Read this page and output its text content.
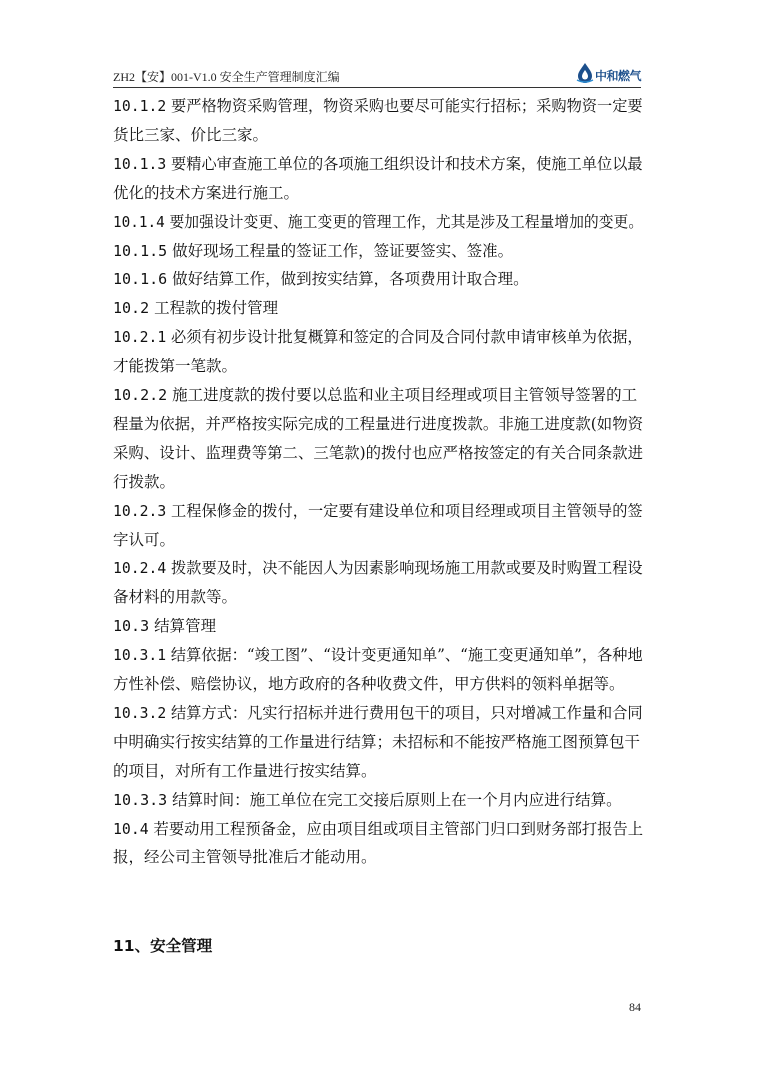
ZH2【安】001-V1.0 安全生产管理制度汇编	中和燃气
10.1.2 要严格物资采购管理，物资采购也要尽可能实行招标；采购物资一定要
货比三家、价比三家。
10.1.3 要精心审查施工单位的各项施工组织设计和技术方案，使施工单位以最
优化的技术方案进行施工。
10.1.4 要加强设计变更、施工变更的管理工作，尤其是涉及工程量增加的变更。
10.1.5 做好现场工程量的签证工作，签证要签实、签准。
10.1.6 做好结算工作，做到按实结算，各项费用计取合理。
10.2 工程款的拨付管理
10.2.1 必须有初步设计批复概算和签定的合同及合同付款申请审核单为依据，
才能拨第一笔款。
10.2.2 施工进度款的拨付要以总监和业主项目经理或项目主管领导签署的工
程量为依据，并严格按实际完成的工程量进行进度拨款。非施工进度款(如物资
采购、设计、监理费等第二、三笔款)的拨付也应严格按签定的有关合同条款进
行拨款。
10.2.3 工程保修金的拨付，一定要有建设单位和项目经理或项目主管领导的签
字认可。
10.2.4 拨款要及时，决不能因人为因素影响现场施工用款或要及时购置工程设
备材料的用款等。
10.3 结算管理
10.3.1 结算依据：“竣工图”、“设计变更通知单”、“施工变更通知单”，各种地
方性补偿、赔偿协议，地方政府的各种收费文件，甲方供料的领料单据等。
10.3.2 结算方式：凡实行招标并进行费用包干的项目，只对增减工作量和合同
中明确实行按实结算的工作量进行结算；未招标和不能按严格施工图预算包干
的项目，对所有工作量进行按实结算。
10.3.3 结算时间：施工单位在完工交接后原则上在一个月内应进行结算。
10.4 若要动用工程预备金，应由项目组或项目主管部门归口到财务部打报告上
报，经公司主管领导批准后才能动用。
11、安全管理
84
